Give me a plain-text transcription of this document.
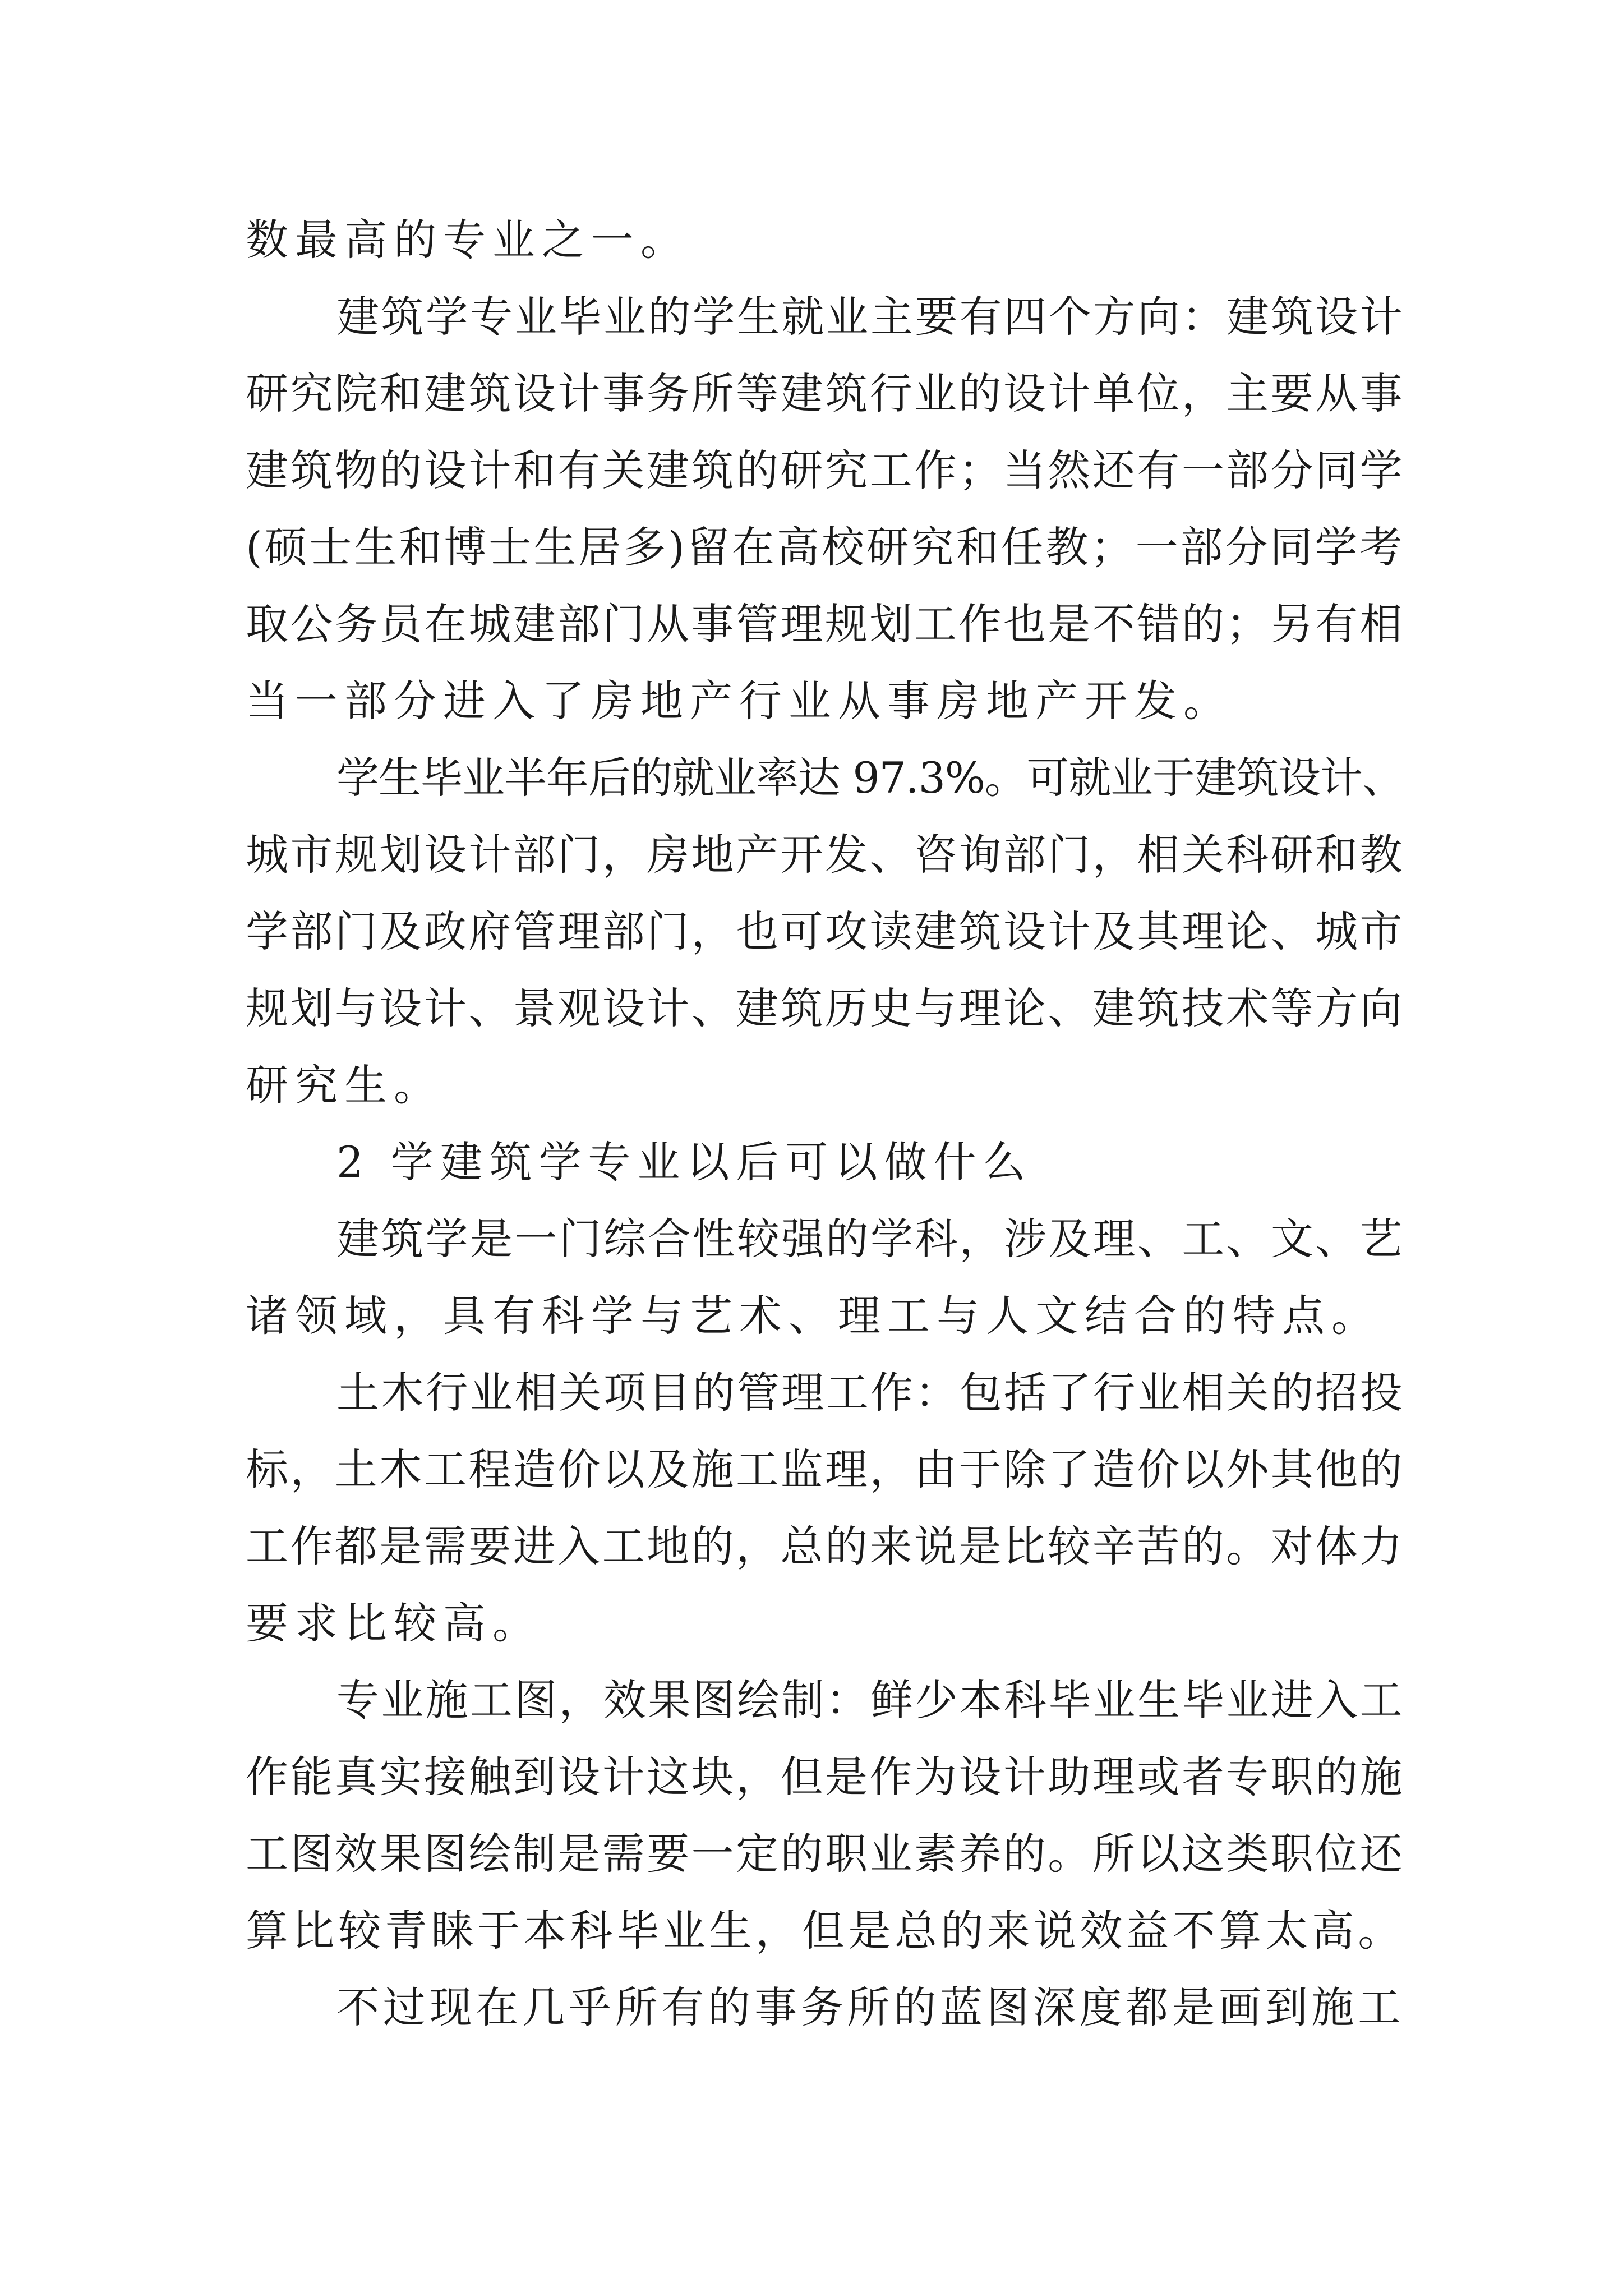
数最高的专业之一。
建筑学专业毕业的学生就业主要有四个方向：建筑设计
研究院和建筑设计事务所等建筑行业的设计单位，主要从事
建筑物的设计和有关建筑的研究工作；当然还有一部分同学
(硕士生和博士生居多)留在高校研究和任教；一部分同学考
取公务员在城建部门从事管理规划工作也是不错的；另有相
当一部分进入了房地产行业从事房地产开发。
学生毕业半年后的就业率达 97.3%。可就业于建筑设计、
城市规划设计部门，房地产开发、咨询部门，相关科研和教
学部门及政府管理部门，也可攻读建筑设计及其理论、城市
规划与设计、景观设计、建筑历史与理论、建筑技术等方向
研究生。
2 学建筑学专业以后可以做什么
建筑学是一门综合性较强的学科，涉及理、工、文、艺
诸领域，具有科学与艺术、理工与人文结合的特点。
土木行业相关项目的管理工作：包括了行业相关的招投
标，土木工程造价以及施工监理，由于除了造价以外其他的
工作都是需要进入工地的，总的来说是比较辛苦的。对体力
要求比较高。
专业施工图，效果图绘制：鲜少本科毕业生毕业进入工
作能真实接触到设计这块，但是作为设计助理或者专职的施
工图效果图绘制是需要一定的职业素养的。所以这类职位还
算比较青睐于本科毕业生，但是总的来说效益不算太高。
不过现在几乎所有的事务所的蓝图深度都是画到施工
